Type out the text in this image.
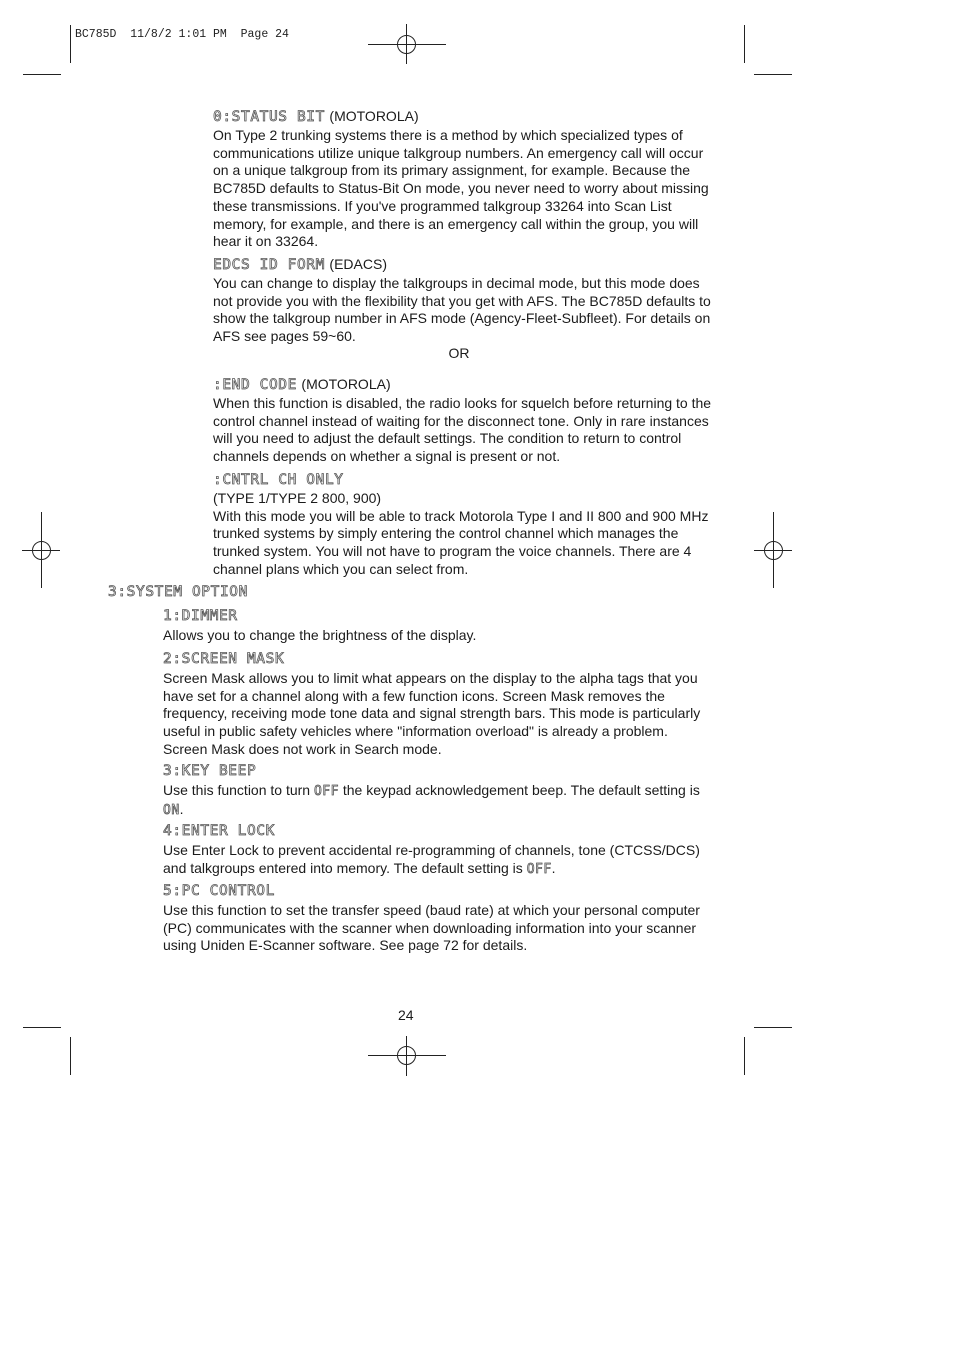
BC785D  11/8/2 1:01 PM  Page 24
0:STATUS BIT (MOTOROLA)

On Type 2 trunking systems there is a method by which specialized types of communications utilize unique talkgroup numbers. An emergency call will occur on a unique talkgroup from its primary assignment, for example. Because the BC785D defaults to Status-Bit On mode, you never need to worry about missing these transmissions. If you've programmed talkgroup 33264 into Scan List memory, for example, and there is an emergency call within the group, you will hear it on 33264.

EDCS ID FORM (EDACS)

You can change to display the talkgroups in decimal mode, but this mode does not provide you with the flexibility that you get with AFS. The BC785D defaults to show the talkgroup number in AFS mode (Agency-Fleet-Subfleet). For details on AFS see pages 59~60.

OR
:END CODE (MOTOROLA)

When this function is disabled, the radio looks for squelch before returning to the control channel instead of waiting for the disconnect tone. Only in rare instances will you need to adjust the default settings. The condition to return to control channels depends on whether a signal is present or not.

:CNTRL CH ONLY

(TYPE 1/TYPE 2 800, 900)

With this mode you will be able to track Motorola Type I and II 800 and 900 MHz trunked systems by simply entering the control channel which manages the trunked system. You will not have to program the voice channels. There are 4 channel plans which you can select from.

3:SYSTEM OPTION
1:DIMMER

Allows you to change the brightness of the display.

2:SCREEN MASK

Screen Mask allows you to limit what appears on the display to the alpha tags that you have set for a channel along with a few function icons. Screen Mask removes the frequency, receiving mode tone data and signal strength bars. This mode is particularly useful in public safety vehicles where "information overload" is already a problem. Screen Mask does not work in Search mode.

3:KEY BEEP

Use this function to turn OFF the keypad acknowledgement beep. The default setting is ON.

4:ENTER LOCK

Use Enter Lock to prevent accidental re-programming of channels, tone (CTCSS/DCS) and talkgroups entered into memory. The default setting is OFF.

5:PC CONTROL

Use this function to set the transfer speed (baud rate) at which your personal computer (PC) communicates with the scanner when downloading information into your scanner using Uniden E-Scanner software. See page 72 for details.

24
